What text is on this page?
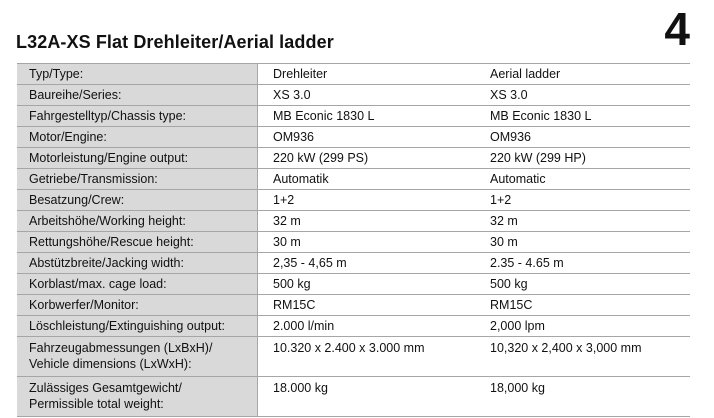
L32A-XS Flat Drehleiter/Aerial ladder	4
Typ/Type:	Drehleiter	Aerial ladder
Baureihe/Series:	XS 3.0	XS 3.0
Fahrgestelltyp/Chassis type:	MB Econic 1830 L	MB Econic 1830 L
Motor/Engine:	OM936	OM936
Motorleistung/Engine output:	220 kW (299 PS)	220 kW (299 HP)
Getriebe/Transmission:	Automatik	Automatic
Besatzung/Crew:	1+2	1+2
Arbeitshöhe/Working height:	32 m	32 m
Rettungshöhe/Rescue height:	30 m	30 m
Abstützbreite/Jacking width:	2,35 - 4,65 m	2.35 - 4.65 m
Korblast/max. cage load:	500 kg	500 kg
Korbwerfer/Monitor:	RM15C	RM15C
Löschleistung/Extinguishing output:	2.000 l/min	2,000 lpm

Fahrzeugabmessungen (LxBxH)/
Vehicle dimensions (LxWxH):	10.320 x 2.400 x 3.000 mm	10,320 x 2,400 x 3,000 mm

Zulässiges Gesamtgewicht/
Permissible total weight:	18.000 kg	18,000 kg
